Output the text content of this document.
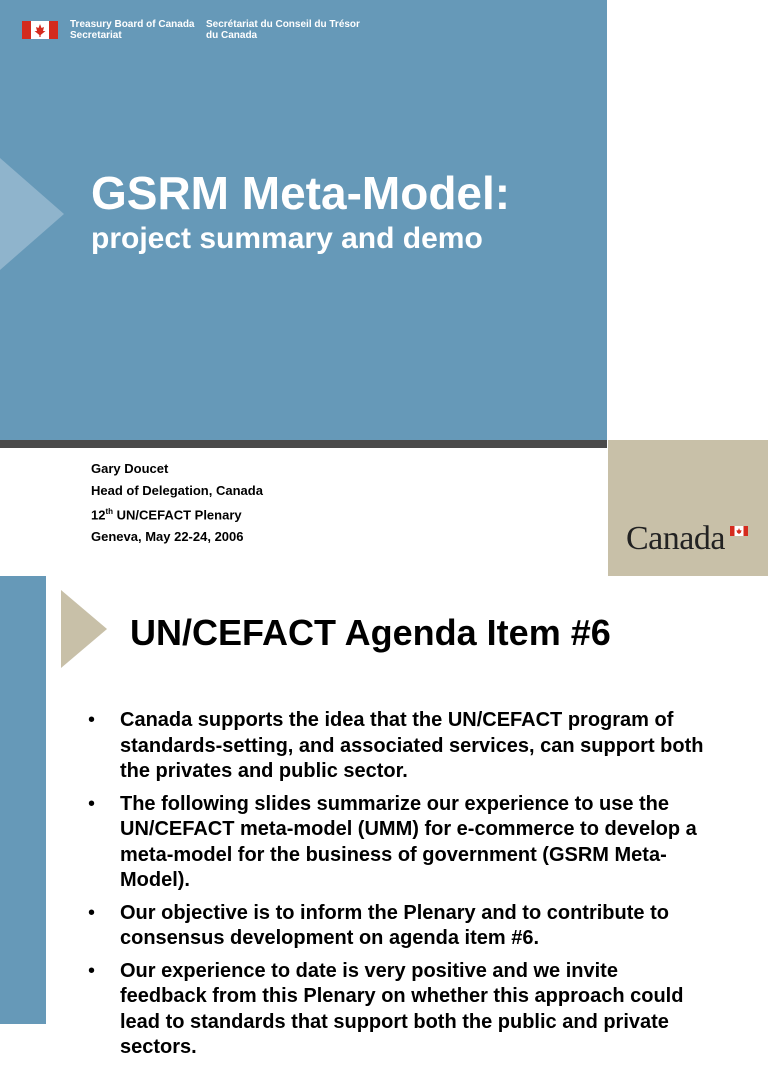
Treasury Board of Canada
Secretariat
Secrétariat du Conseil du Trésor
du Canada
GSRM Meta-Model:
project summary and demo
Gary Doucet
Head of Delegation, Canada
12th UN/CEFACT Plenary
Geneva, May 22-24, 2006	Canada
UN/CEFACT Agenda Item #6
• Canada supports the idea that the UN/CEFACT program of standards-setting, and associated services, can support both the privates and public sector.
• The following slides summarize our experience to use the UN/CEFACT meta-model (UMM) for e-commerce to develop a meta-model for the business of government (GSRM Meta-Model).
• Our objective is to inform the Plenary and to contribute to consensus development on agenda item #6.
• Our experience to date is very positive and we invite feedback from this Plenary on whether this approach could lead to standards that support both the public and private sectors.
